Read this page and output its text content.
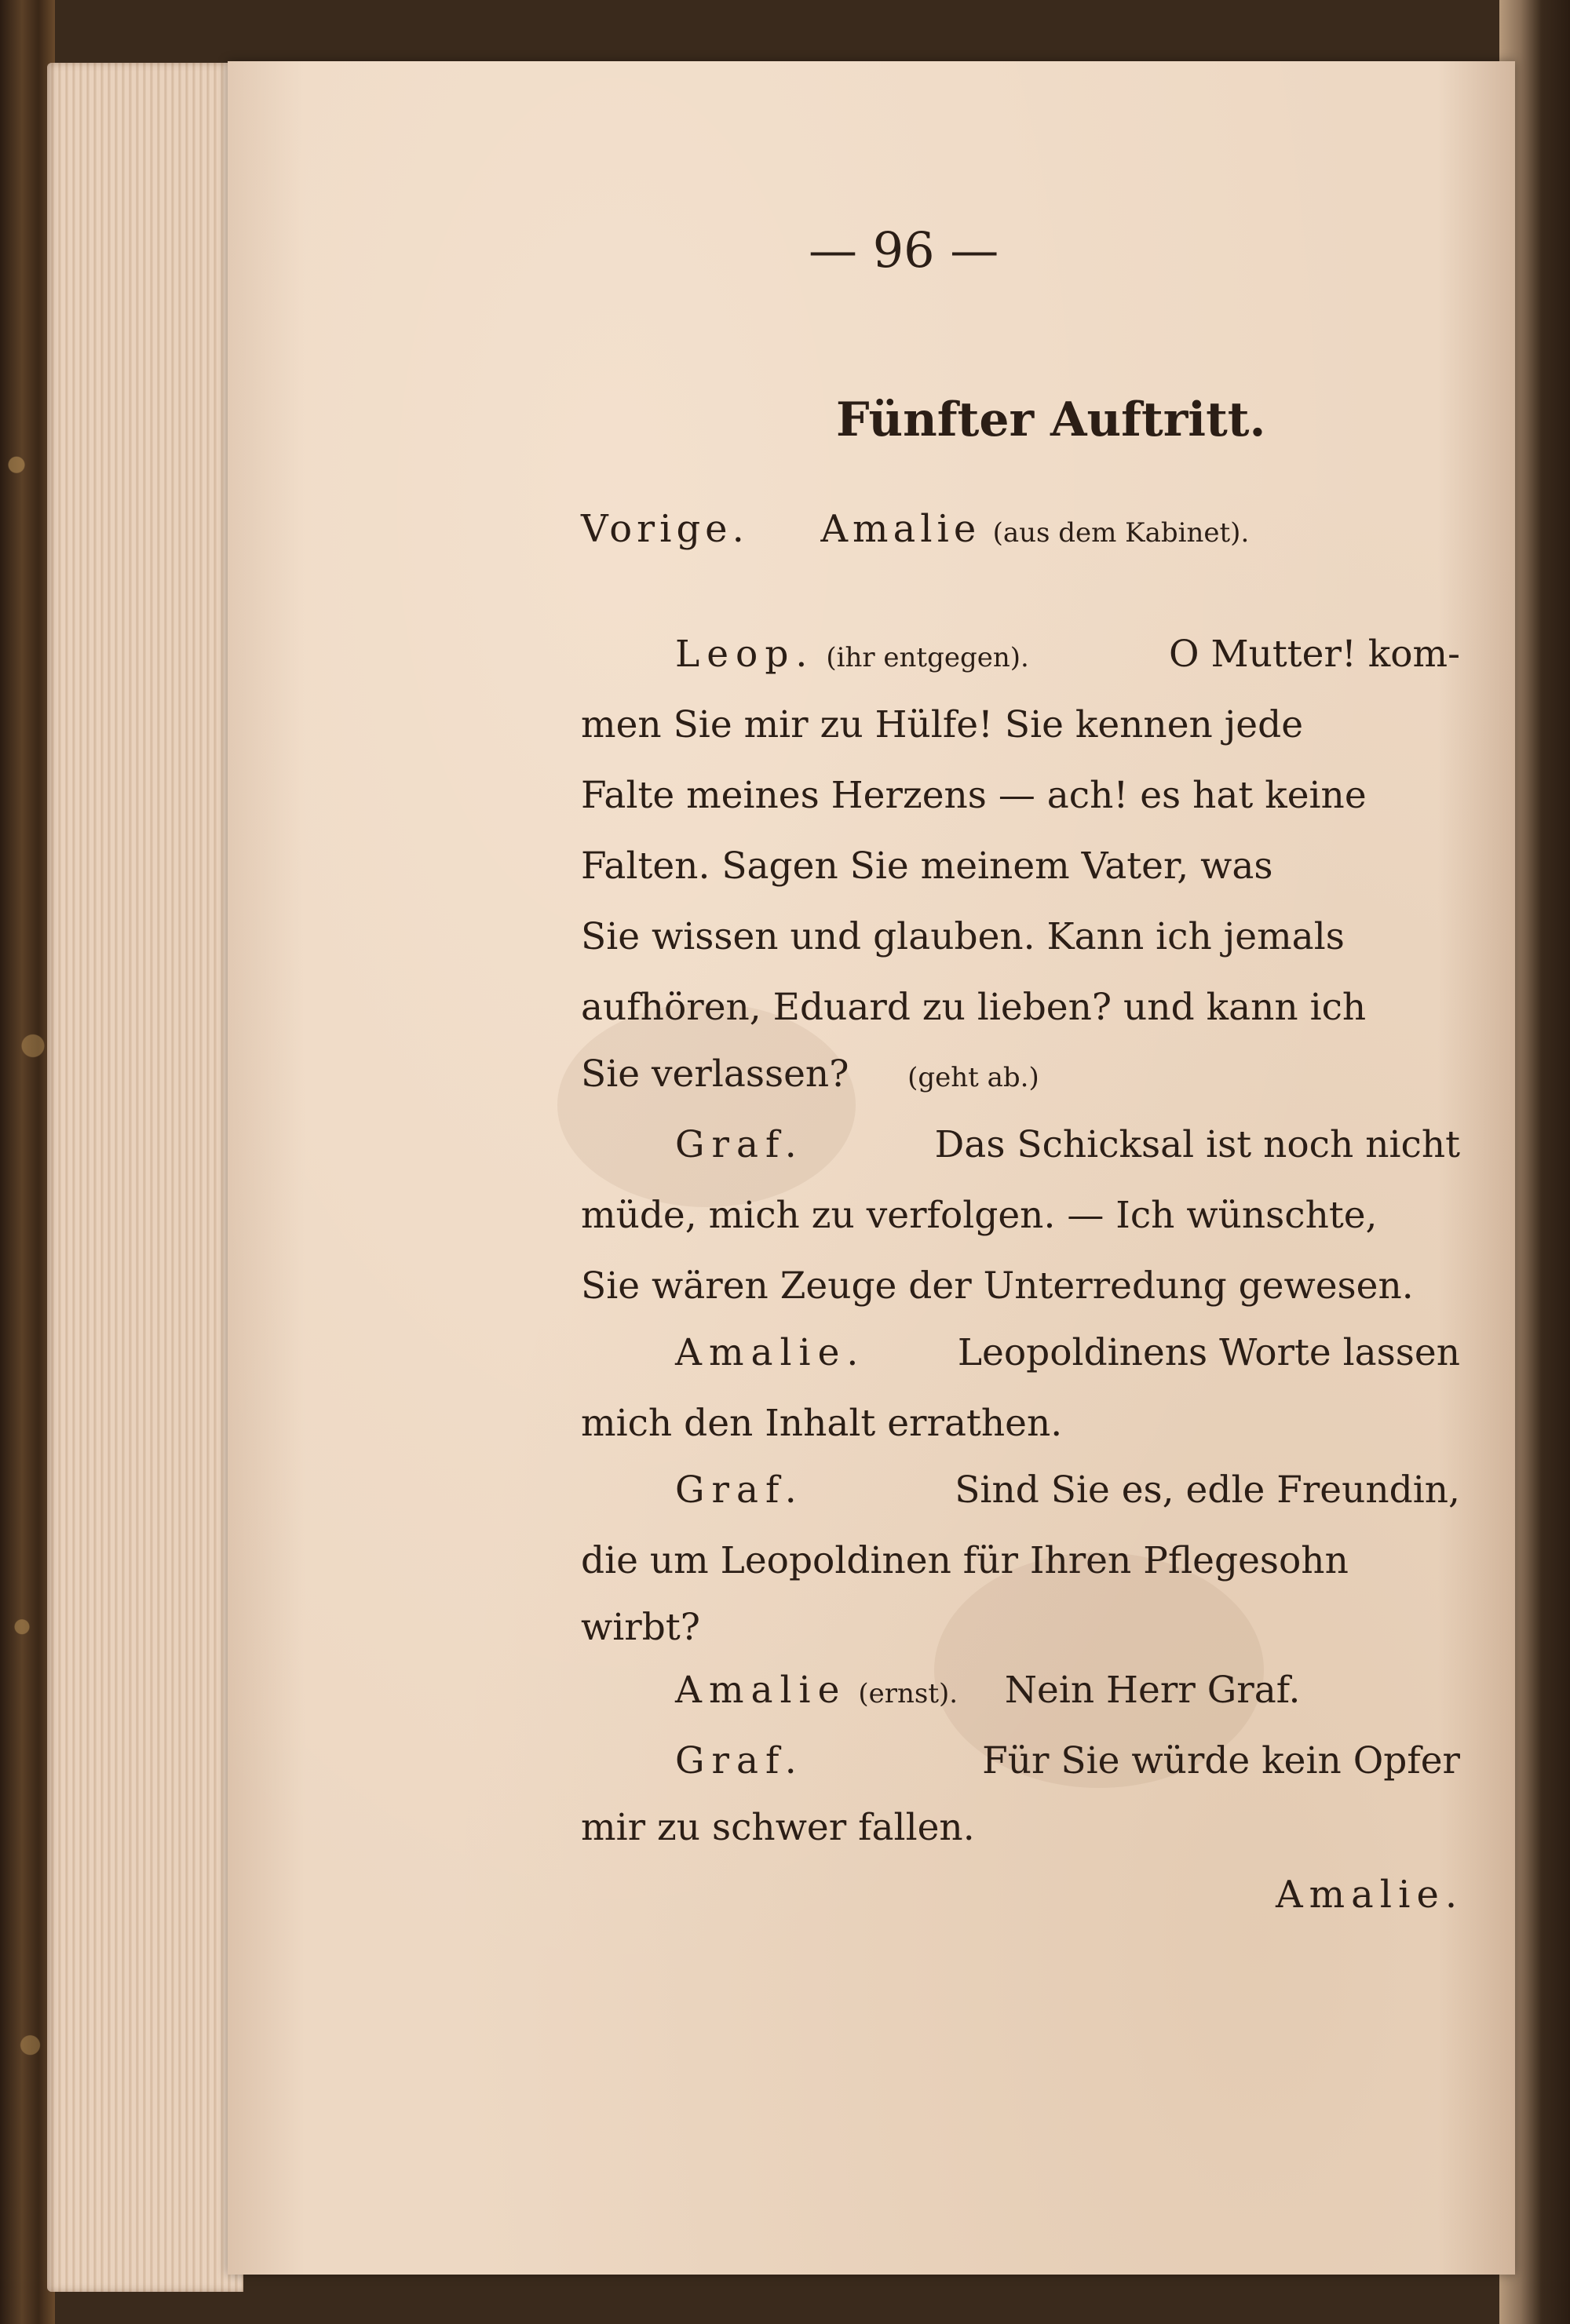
— 96 —
Fünfter Auftritt.
Vorige. Amalie (aus dem Kabinet).
Leop. (ihr entgegen).	O Mutter! kom-
men Sie mir zu Hülfe! Sie kennen jede
Falte meines Herzens — ach! es hat keine
Falten. Sagen Sie meinem Vater, was
Sie wissen und glauben. Kann ich jemals
aufhören, Eduard zu lieben? und kann ich
Sie verlassen? (geht ab.)
Graf.	Das Schicksal ist noch nicht
müde, mich zu verfolgen. — Ich wünschte,
Sie wären Zeuge der Unterredung gewesen.
Amalie. Leopoldinens Worte lassen
mich den Inhalt errathen.
Graf.	Sind Sie es, edle Freundin,
die um Leopoldinen für Ihren Pflegesohn
wirbt?
Amalie (ernst). Nein Herr Graf.
Graf.	Für Sie würde kein Opfer
mir zu schwer fallen.
Amalie.
